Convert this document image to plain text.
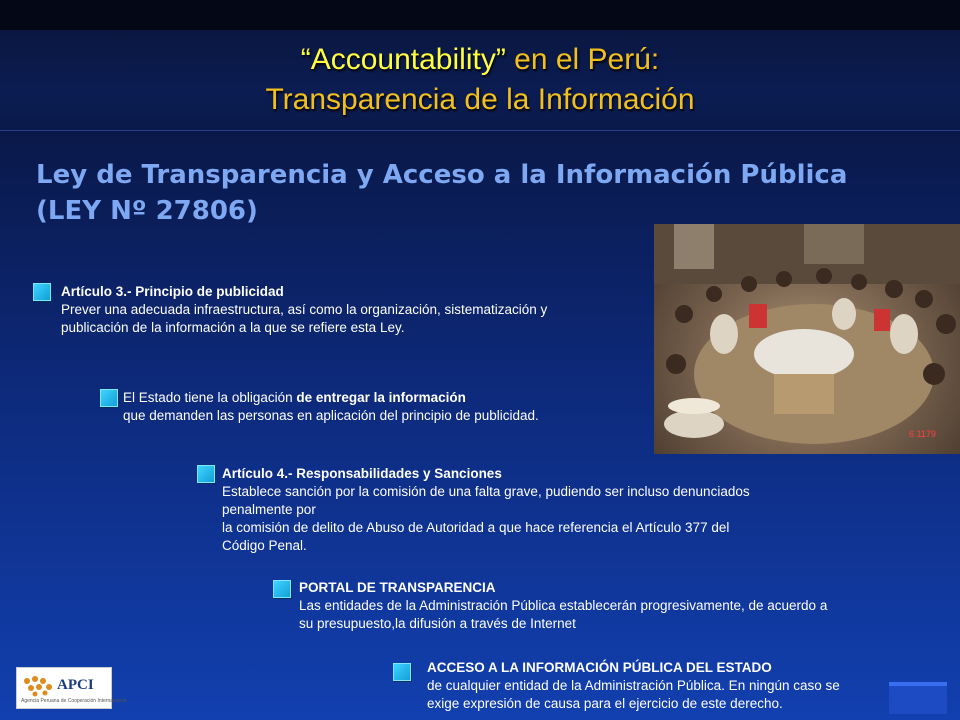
“Accountability” en el Perú:
Transparencia de la Información
Ley de Transparencia y Acceso a la Información Pública
(LEY Nº 27806)
6 1179
Artículo 3.- Principio de publicidad
Prever una adecuada infraestructura, así como la organización, sistematización y
publicación de la información a la que se refiere esta Ley.
El Estado tiene la obligación de entregar la información
que demanden las personas en aplicación del principio de publicidad.
Artículo 4.- Responsabilidades y Sanciones
Establece sanción por la comisión de una falta grave, pudiendo ser incluso denunciados
penalmente por
la comisión de delito de Abuso de Autoridad a que hace referencia el Artículo 377 del
Código Penal.
PORTAL DE TRANSPARENCIA
Las entidades de la Administración Pública establecerán progresivamente, de acuerdo a
su presupuesto,la difusión a través de Internet
ACCESO A LA INFORMACIÓN PÚBLICA DEL ESTADO
de cualquier entidad de la Administración Pública. En ningún caso se
exige expresión de causa para el ejercicio de este derecho.
APCI
Agencia Peruana de Cooperación Internacional
